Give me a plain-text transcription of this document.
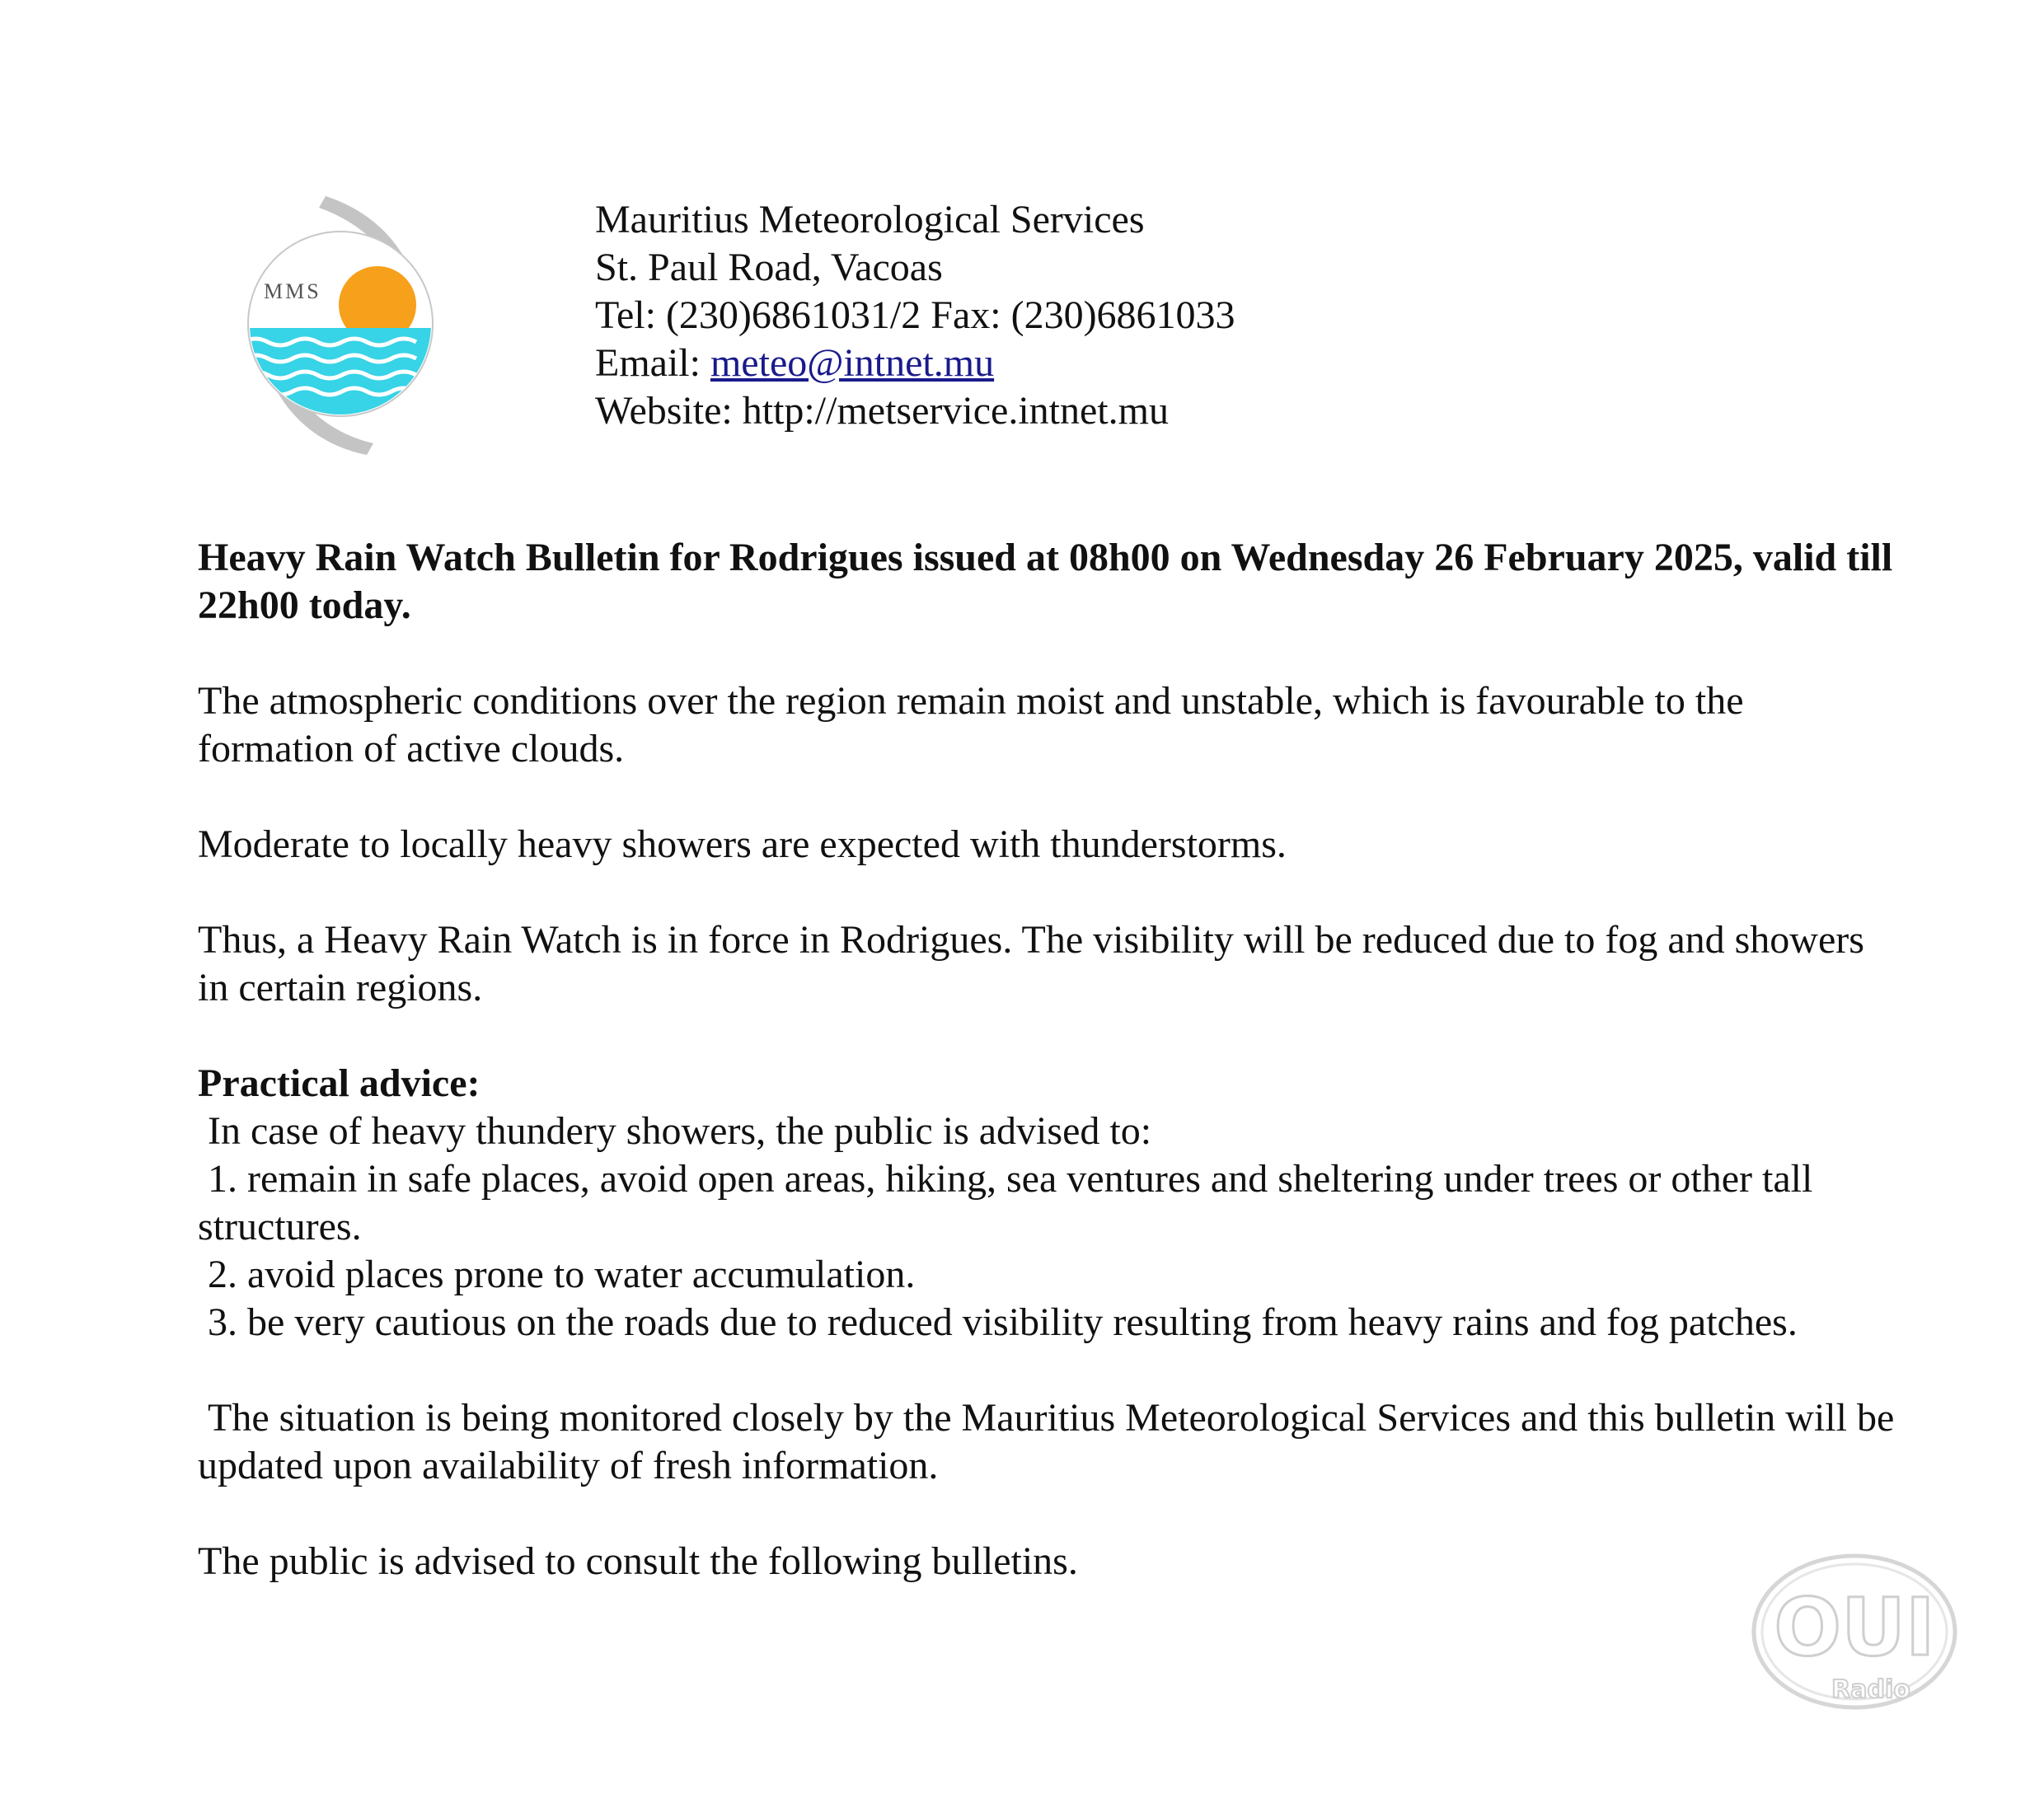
MMS
Mauritius Meteorological Services
St. Paul Road, Vacoas
Tel: (230)6861031/2 Fax: (230)6861033
Email: meteo@intnet.mu
Website: http://metservice.intnet.mu

Heavy Rain Watch Bulletin for Rodrigues issued at 08h00 on Wednesday 26 February 2025, valid till 22h00 today.

The atmospheric conditions over the region remain moist and unstable, which is favourable to the formation of active clouds.

Moderate to locally heavy showers are expected with thunderstorms.

Thus, a Heavy Rain Watch is in force in Rodrigues. The visibility will be reduced due to fog and showers in certain regions.

Practical advice:

In case of heavy thundery showers, the public is advised to:

1. remain in safe places, avoid open areas, hiking, sea ventures and sheltering under trees or other tall structures.

2. avoid places prone to water accumulation.

3. be very cautious on the roads due to reduced visibility resulting from heavy rains and fog patches.

The situation is being monitored closely by the Mauritius Meteorological Services and this bulletin will be updated upon availability of fresh information.

The public is advised to consult the following bulletins.

OUI
Radio
